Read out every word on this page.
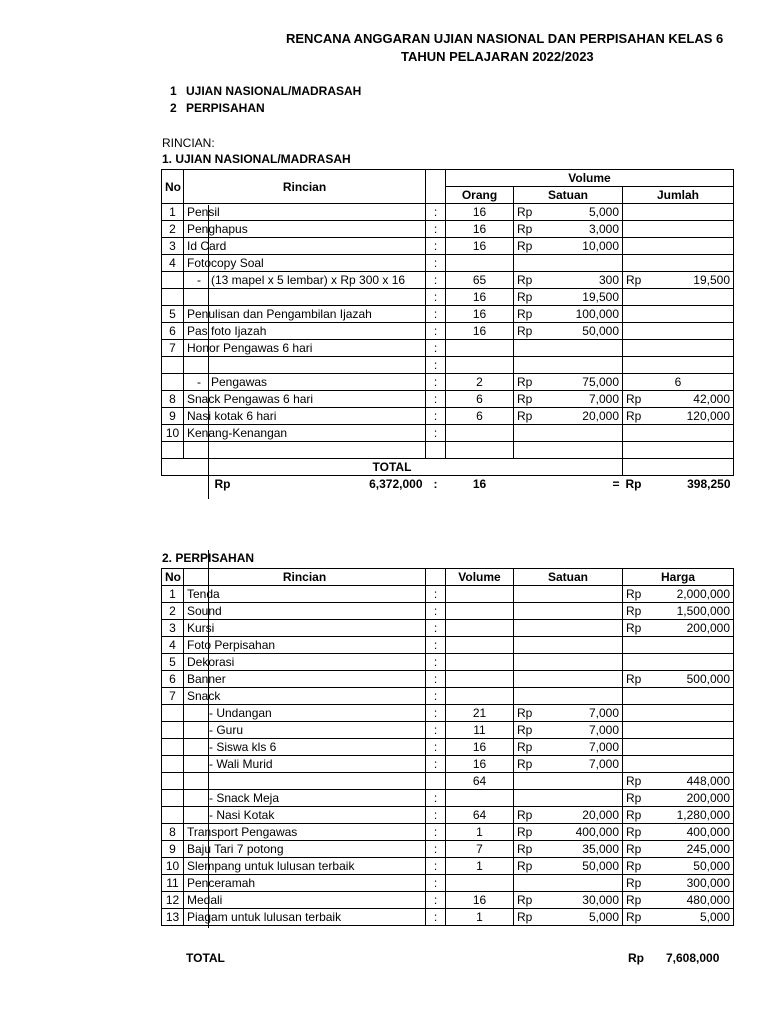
RENCANA ANGGARAN UJIAN NASIONAL DAN PERPISAHAN KELAS 6
TAHUN PELAJARAN 2022/2023
1 UJIAN NASIONAL/MADRASAH
2 PERPISAHAN
RINCIAN:
1. UJIAN NASIONAL/MADRASAH
No	Rincian		Volume		
			Orang	Satuan	Jumlah
1	Pensil	:	16	Rp 5,000	

2	Penghapus	:	16	Rp 3,000	

3	Id Card	:	16	Rp 10,000	

4	Fotocopy Soal	:			
	- (13 mapel x 5 lembar) x Rp 300 x 16	:	65	Rp 300	Rp 19,500

		:	16	Rp 19,500	

5	Penulisan dan Pengambilan Ijazah	:	16	Rp 100,000	

6	Pas foto Ijazah	:	16	Rp 50,000	

7	Honor Pengawas 6 hari	:			
		:			
	- Pengawas	:	2	Rp 75,000	6
8	Snack Pengawas 6 hari	:	6	Rp 7,000	Rp 42,000

9	Nasi kotak 6 hari	:	6	Rp 20,000	Rp 120,000

10	Kenang-Kenangan	:			

TOTAL					
	Rp 6,372,000	:	16	=	Rp 398,250
2. PERPISAHAN
No	Rincian		Volume	Satuan	Harga
1	Tenda	:			Rp 2,000,000

2	Sound	:			Rp 1,500,000

3	Kursi	:			Rp 200,000

4	Foto Perpisahan	:			
5	Dekorasi	:			
6	Banner	:			Rp 500,000

7	Snack	:			
	- Undangan	:	21	Rp 7,000	

	- Guru	:	11	Rp 7,000	

	- Siswa kls 6	:	16	Rp 7,000	

	- Wali Murid	:	16	Rp 7,000	

			64		Rp 448,000

	- Snack Meja	:			Rp 200,000

	- Nasi Kotak	:	64	Rp 20,000	Rp 1,280,000

8	Transport Pengawas	:	1	Rp 400,000	Rp 400,000

9	Baju Tari 7 potong	:	7	Rp 35,000	Rp 245,000

10	Slempang untuk lulusan terbaik	:	1	Rp 50,000	Rp 50,000

11	Penceramah	:			Rp 300,000

12	Medali	:	16	Rp 30,000	Rp 480,000

13	Piagam untuk lulusan terbaik	:	1	Rp 5,000	Rp 5,000
TOTAL	Rp 7,608,000
